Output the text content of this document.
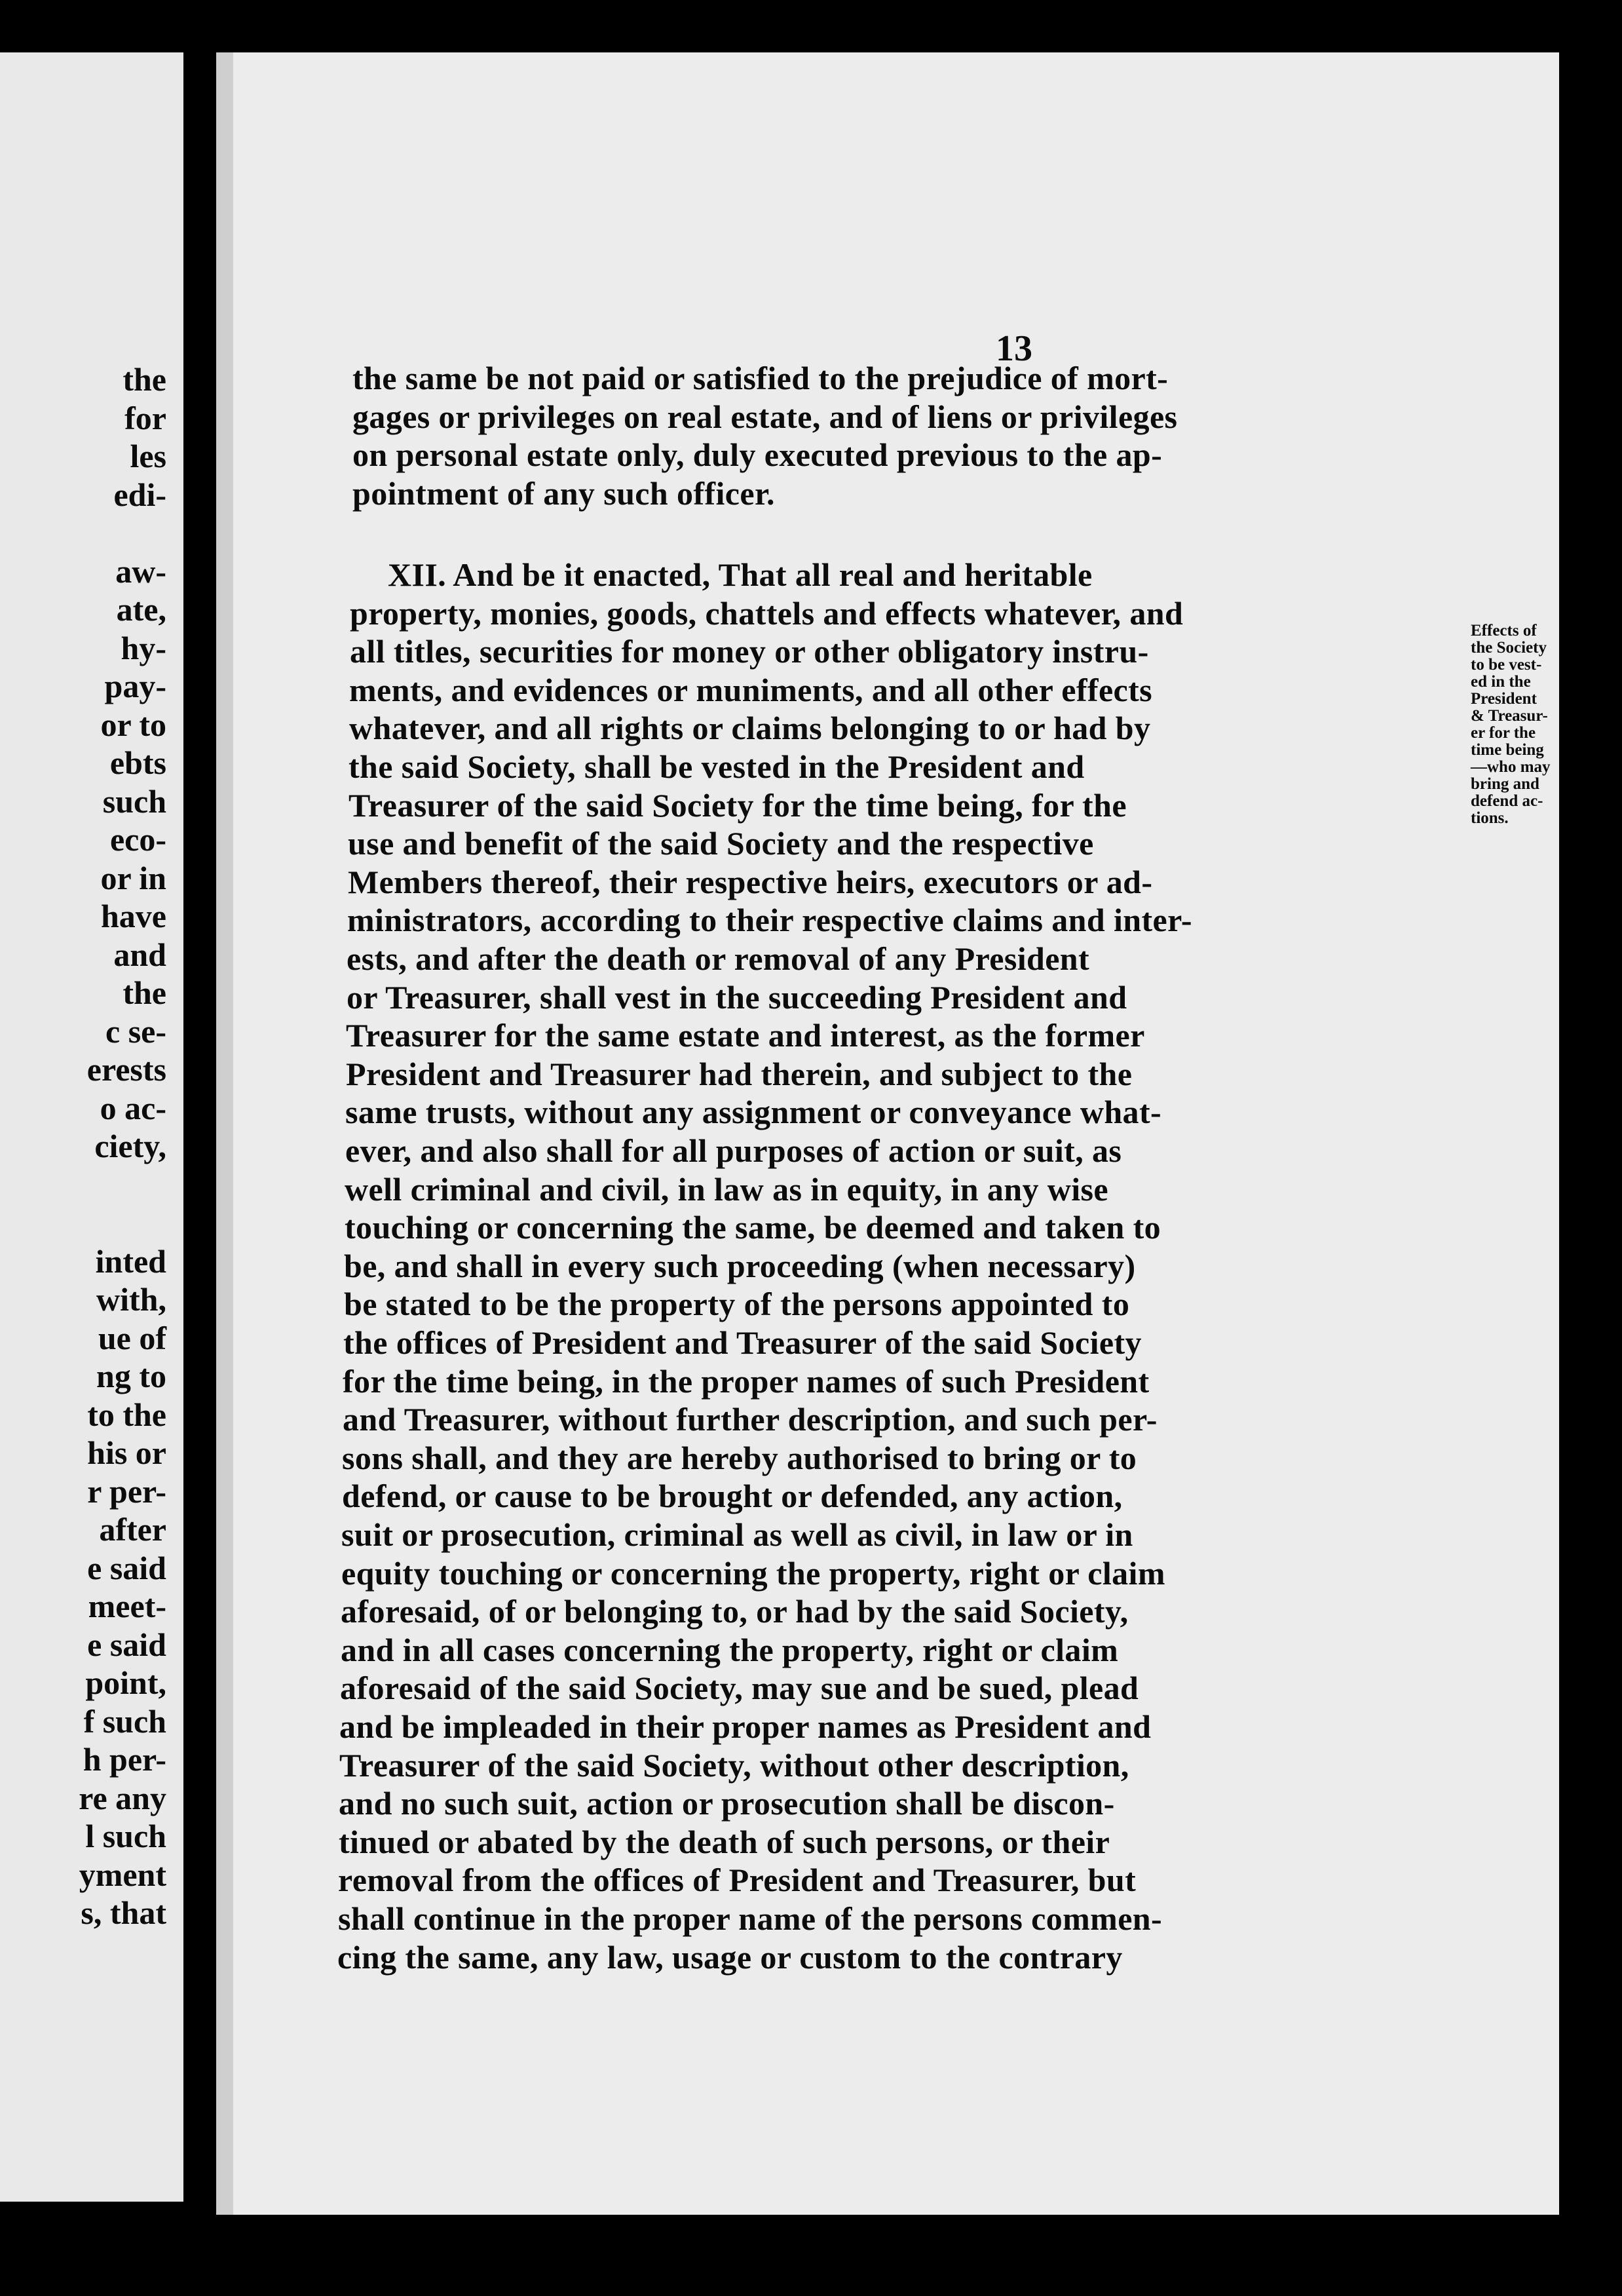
the
for
les
edi-
aw-
ate,
hy-
pay-
or to
ebts
such
eco-
or in
have
and
the
c se-
erests
o ac-
ciety,
inted
with,
ue of
ng to
to the
his or
r per-
after
e said
meet-
e said
point,
f such
h per-
re any
l such
yment
s, that
13
Effects of
the Society
to be vest-
ed in the
President
& Treasur-
er for the
time being
—who may
bring and
defend ac-
tions.
the same be not paid or satisfied to the prejudice of mort-
gages or privileges on real estate, and of liens or privileges
on personal estate only, duly executed previous to the ap-
pointment of any such officer.
XII. And be it enacted, That all real and heritable
property, monies, goods, chattels and effects whatever, and
all titles, securities for money or other obligatory instru-
ments, and evidences or muniments, and all other effects
whatever, and all rights or claims belonging to or had by
the said Society, shall be vested in the President and
Treasurer of the said Society for the time being, for the
use and benefit of the said Society and the respective
Members thereof, their respective heirs, executors or ad-
ministrators, according to their respective claims and inter-
ests, and after the death or removal of any President
or Treasurer, shall vest in the succeeding President and
Treasurer for the same estate and interest, as the former
President and Treasurer had therein, and subject to the
same trusts, without any assignment or conveyance what-
ever, and also shall for all purposes of action or suit, as
well criminal and civil, in law as in equity, in any wise
touching or concerning the same, be deemed and taken to
be, and shall in every such proceeding (when necessary)
be stated to be the property of the persons appointed to
the offices of President and Treasurer of the said Society
for the time being, in the proper names of such President
and Treasurer, without further description, and such per-
sons shall, and they are hereby authorised to bring or to
defend, or cause to be brought or defended, any action,
suit or prosecution, criminal as well as civil, in law or in
equity touching or concerning the property, right or claim
aforesaid, of or belonging to, or had by the said Society,
and in all cases concerning the property, right or claim
aforesaid of the said Society, may sue and be sued, plead
and be impleaded in their proper names as President and
Treasurer of the said Society, without other description,
and no such suit, action or prosecution shall be discon-
tinued or abated by the death of such persons, or their
removal from the offices of President and Treasurer, but
shall continue in the proper name of the persons commen-
cing the same, any law, usage or custom to the contrary
